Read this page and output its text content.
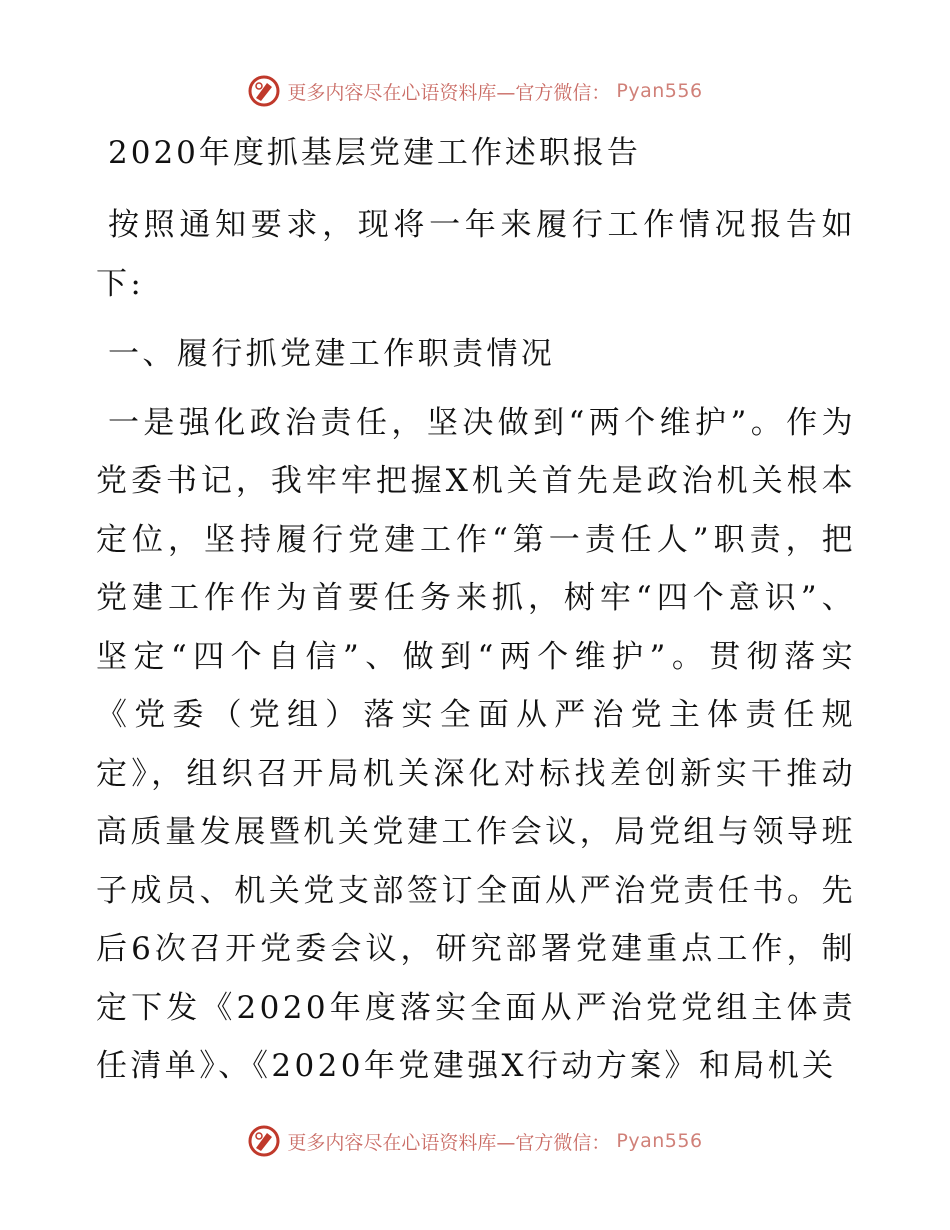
更多内容尽在心语资料库—官方微信： Pyan556
2020年度抓基层党建工作述职报告

按照通知要求，现将一年来履行工作情况报告如下:

一、履行抓党建工作职责情况

一是强化政治责任，坚决做到“两个维护”。作为党委书记，我牢牢把握X机关首先是政治机关根本定位，坚持履行党建工作“第一责任人”职责，把党建工作作为首要任务来抓，树牢“四个意识”、坚定“四个自信”、做到“两个维护”。贯彻落实《党委（党组）落实全面从严治党主体责任规定》，组织召开局机关深化对标找差创新实干推动高质量发展暨机关党建工作会议，局党组与领导班子成员、机关党支部签订全面从严治党责任书。先后6次召开党委会议，研究部署党建重点工作，制定下发《2020年度落实全面从严治党党组主体责任清单》、《2020年党建强X行动方案》和局机关

更多内容尽在心语资料库—官方微信： Pyan556
